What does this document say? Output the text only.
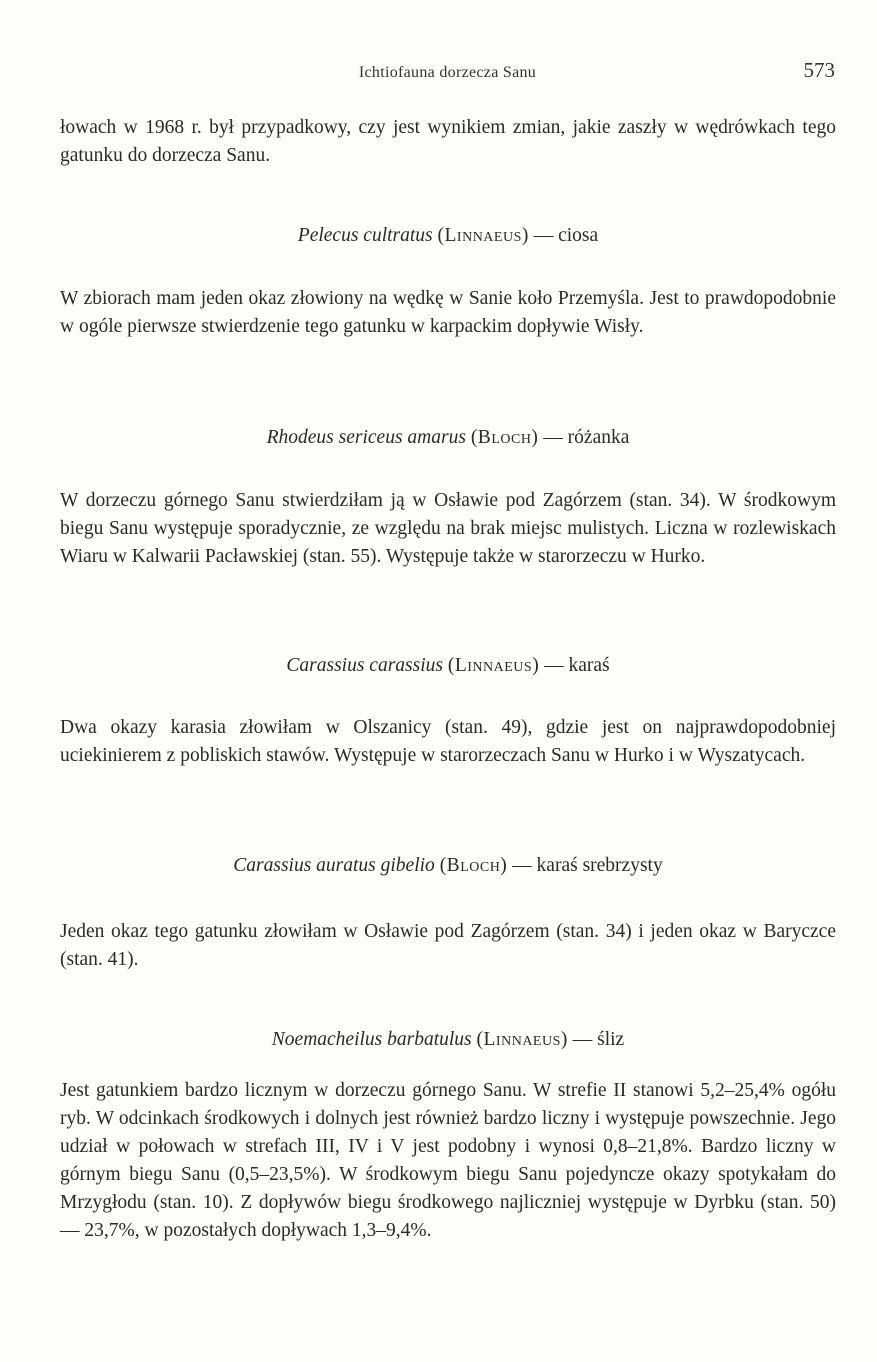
Ichtiofauna dorzecza Sanu	573

łowach w 1968 r. był przypadkowy, czy jest wynikiem zmian, jakie zaszły w wędrówkach tego gatunku do dorzecza Sanu.

Pelecus cultratus (Linnaeus) — ciosa

W zbiorach mam jeden okaz złowiony na wędkę w Sanie koło Przemyśla. Jest to prawdopodobnie w ogóle pierwsze stwierdzenie tego gatunku w karpackim dopływie Wisły.

Rhodeus sericeus amarus (Bloch) — różanka

W dorzeczu górnego Sanu stwierdziłam ją w Osławie pod Zagórzem (stan. 34). W środkowym biegu Sanu występuje sporadycznie, ze względu na brak miejsc mulistych. Liczna w rozlewiskach Wiaru w Kalwarii Pacławskiej (stan. 55). Występuje także w starorzeczu w Hurko.

Carassius carassius (Linnaeus) — karaś

Dwa okazy karasia złowiłam w Olszanicy (stan. 49), gdzie jest on najprawdopodobniej uciekinierem z pobliskich stawów. Występuje w starorzeczach Sanu w Hurko i w Wyszatycach.

Carassius auratus gibelio (Bloch) — karaś srebrzysty

Jeden okaz tego gatunku złowiłam w Osławie pod Zagórzem (stan. 34) i jeden okaz w Baryczce (stan. 41).

Noemacheilus barbatulus (Linnaeus) — śliz

Jest gatunkiem bardzo licznym w dorzeczu górnego Sanu. W strefie II stanowi 5,2–25,4% ogółu ryb. W odcinkach środkowych i dolnych jest również bardzo liczny i występuje powszechnie. Jego udział w połowach w strefach III, IV i V jest podobny i wynosi 0,8–21,8%. Bardzo liczny w górnym biegu Sanu (0,5–23,5%). W środkowym biegu Sanu pojedyncze okazy spotykałam do Mrzygłodu (stan. 10). Z dopływów biegu środkowego najliczniej występuje w Dyrbku (stan. 50) — 23,7%, w pozostałych dopływach 1,3–9,4%.
